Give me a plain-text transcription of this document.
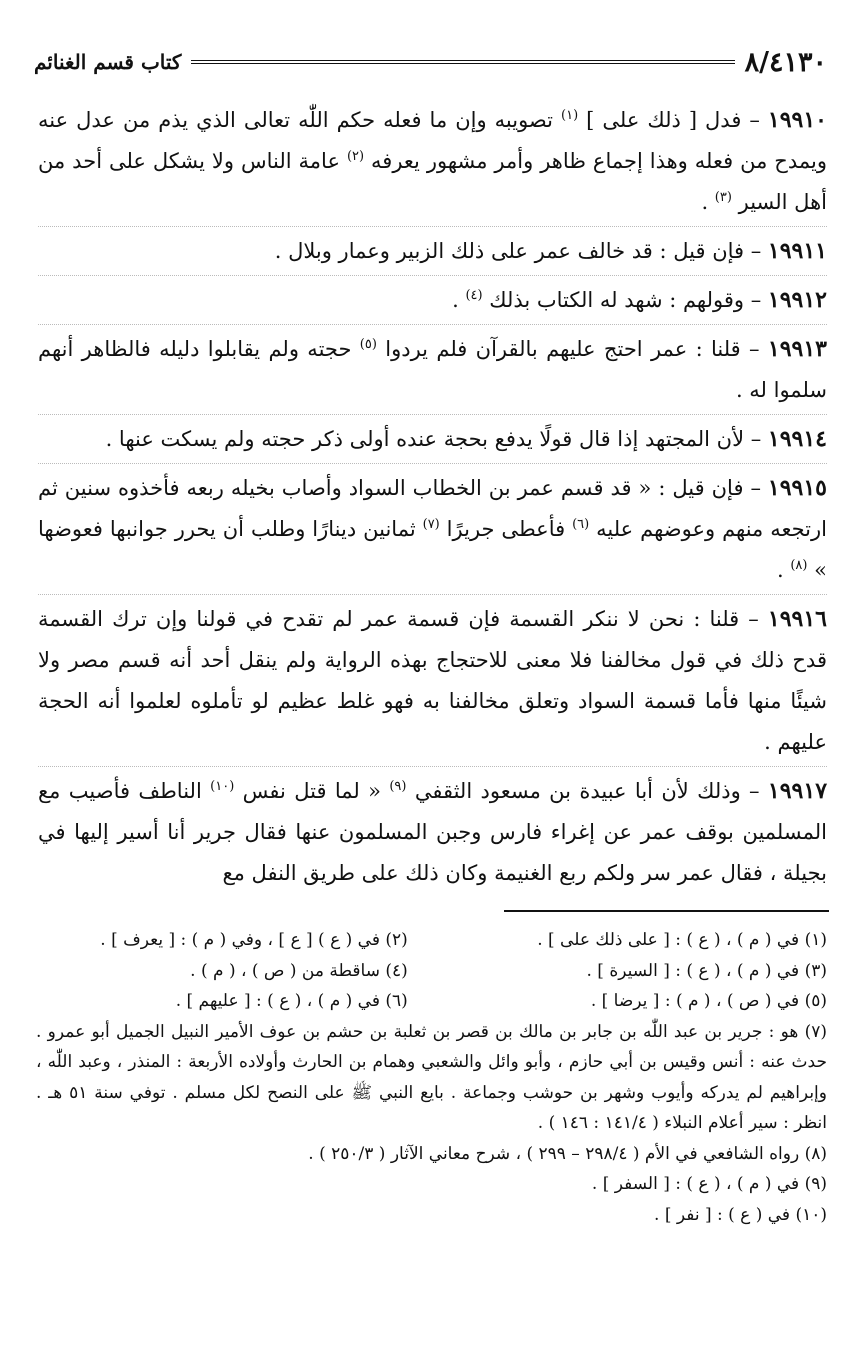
٨/٤١٣٠
كتاب قسم الغنائم
١٩٩١٠ – فدل [ ذلك على ] $^{(١)}$ تصويبه وإن ما فعله حكم اللّٰه تعالى الذي يذم من عدل عنه ويمدح من فعله وهذا إجماع ظاهر وأمر مشهور يعرفه $^{(٢)}$ عامة الناس ولا يشكل على أحد من أهل السير $^{(٣)}$ .
١٩٩١١ – فإن قيل : قد خالف عمر على ذلك الزبير وعمار وبلال .
١٩٩١٢ – وقولهم : شهد له الكتاب بذلك $^{(٤)}$ .
١٩٩١٣ – قلنا : عمر احتج عليهم بالقرآن فلم يردوا $^{(٥)}$ حجته ولم يقابلوا دليله فالظاهر أنهم سلموا له .
١٩٩١٤ – لأن المجتهد إذا قال قولًا يدفع بحجة عنده أولى ذكر حجته ولم يسكت عنها .
١٩٩١٥ – فإن قيل : « قد قسم عمر بن الخطاب السواد وأصاب بخيله ربعه فأخذوه سنين ثم ارتجعه منهم وعوضهم عليه $^{(٦)}$ فأعطى جريرًا $^{(٧)}$ ثمانين دينارًا وطلب أن يحرر جوانبها فعوضها » $^{(٨)}$ .
١٩٩١٦ – قلنا : نحن لا ننكر القسمة فإن قسمة عمر لم تقدح في قولنا وإن ترك القسمة قدح ذلك في قول مخالفنا فلا معنى للاحتجاج بهذه الرواية ولم ينقل أحد أنه قسم مصر ولا شيئًا منها فأما قسمة السواد وتعلق مخالفنا به فهو غلط عظيم لو تأملوه لعلموا أنه الحجة عليهم .
١٩٩١٧ – وذلك لأن أبا عبيدة بن مسعود الثقفي $^{(٩)}$ « لما قتل نفس $^{(١٠)}$ الناطف فأصيب مع المسلمين بوقف عمر عن إغراء فارس وجبن المسلمون عنها فقال جرير أنا أسير إليها في بجيلة ، فقال عمر سر ولكم ربع الغنيمة وكان ذلك على طريق النفل مع
(١) في ( م ) ، ( ع ) : [ على ذلك على ] .
(٢) في ( ع ) [ ع ] ، وفي ( م ) : [ يعرف ] .
(٣) في ( م ) ، ( ع ) : [ السيرة ] .
(٤) ساقطة من ( ص ) ، ( م ) .
(٥) في ( ص ) ، ( م ) : [ يرضا ] .
(٦) في ( م ) ، ( ع ) : [ عليهم ] .
(٧) هو : جرير بن عبد اللّٰه بن جابر بن مالك بن قصر بن ثعلبة بن حشم بن عوف الأمير النبيل الجميل أبو عمرو . حدث عنه : أنس وقيس بن أبي حازم ، وأبو وائل والشعبي وهمام بن الحارث وأولاده الأربعة : المنذر ، وعبد اللّٰه ، وإبراهيم لم يدركه وأيوب وشهر بن حوشب وجماعة . بايع النبي ﷺ على النصح لكل مسلم . توفي سنة ٥١ هـ . انظر : سير أعلام النبلاء ( ١٤١/٤ : ١٤٦ ) .
(٨) رواه الشافعي في الأم ( ٢٩٨/٤ – ٢٩٩ ) ، شرح معاني الآثار ( ٢٥٠/٣ ) .
(٩) في ( م ) ، ( ع ) : [ السفر ] .
(١٠) في ( ع ) : [ نفر ] .
